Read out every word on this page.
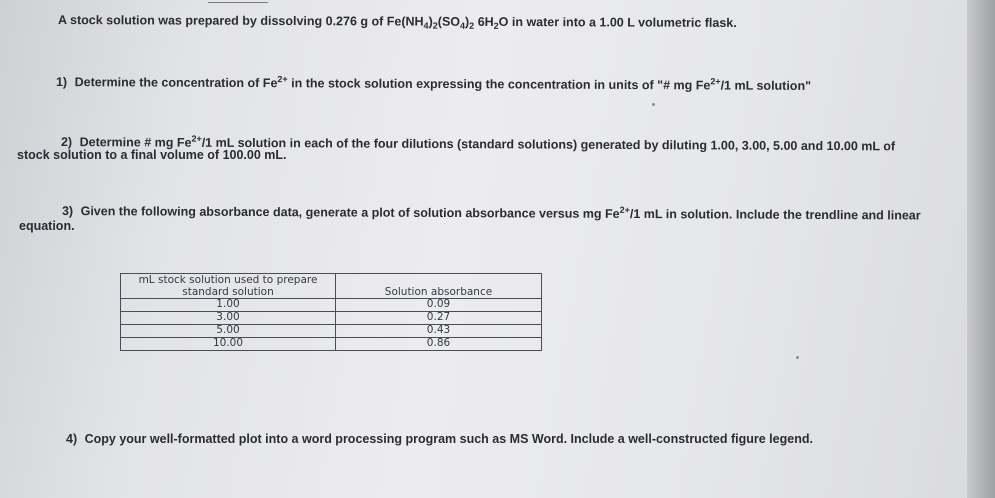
A stock solution was prepared by dissolving 0.276 g of $Fe(NH_4)_2(SO_4)_2$ $6H_2O$ in water into a 1.00 L volumetric flask.

1) Determine the concentration of $Fe^{2+}$ in the stock solution expressing the concentration in units of "# mg $Fe^{2+}/1$ mL solution"

2) Determine # mg $Fe^{2+}/1$ mL solution in each of the four dilutions (standard solutions) generated by diluting 1.00, 3.00, 5.00 and 10.00 mL of

stock solution to a final volume of 100.00 mL.

3) Given the following absorbance data, generate a plot of solution absorbance versus mg $Fe^{2+}/1$ mL in solution. Include the trendline and linear

equation.

mL stock solution used to prepare
standard solution	Solution absorbance
1.00	0.09
3.00	0.27
5.00	0.43
10.00	0.86

4) Copy your well-formatted plot into a word processing program such as MS Word. Include a well-constructed figure legend.
